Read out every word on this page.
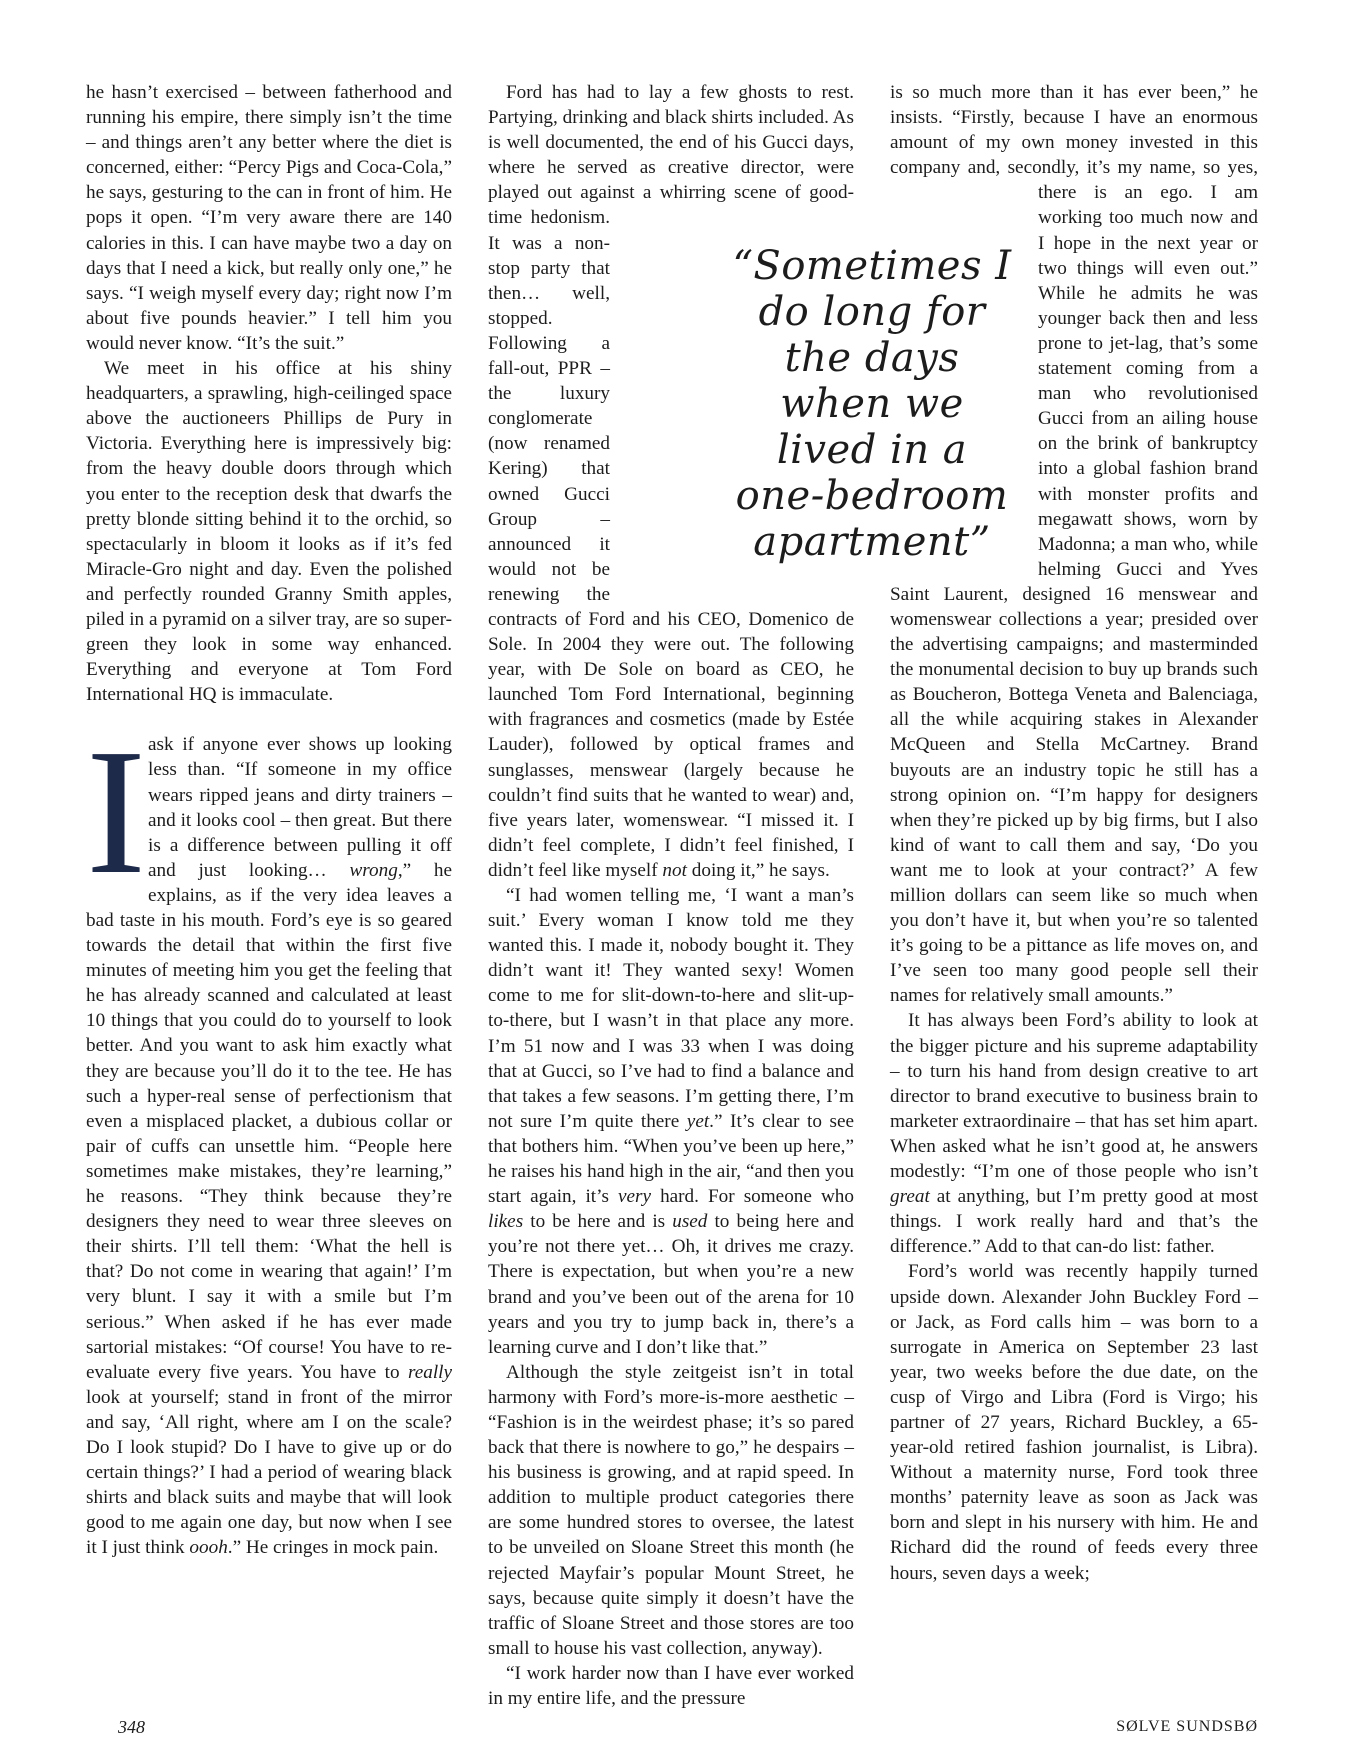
he hasn’t exercised – between fatherhood and running his empire, there simply isn’t the time – and things aren’t any better where the diet is concerned, either: “Percy Pigs and Coca-Cola,” he says, gesturing to the can in front of him. He pops it open. “I’m very aware there are 140 calories in this. I can have maybe two a day on days that I need a kick, but really only one,” he says. “I weigh myself every day; right now I’m about five pounds heavier.” I tell him you would never know. “It’s the suit.”

We meet in his office at his shiny headquarters, a sprawling, high-ceilinged space above the auctioneers Phillips de Pury in Victoria. Everything here is impressively big: from the heavy double doors through which you enter to the reception desk that dwarfs the pretty blonde sitting behind it to the orchid, so spectacularly in bloom it looks as if it’s fed Miracle-Gro night and day. Even the polished and perfectly rounded Granny Smith apples, piled in a pyramid on a silver tray, are so super-green they look in some way enhanced. Everything and everyone at Tom Ford International HQ is immaculate.

Iask if anyone ever shows up looking less than. “If someone in my office wears ripped jeans and dirty trainers – and it looks cool – then great. But there is a difference between pulling it off and just looking… wrong,” he explains, as if the very idea leaves a bad taste in his mouth. Ford’s eye is so geared towards the detail that within the first five minutes of meeting him you get the feeling that he has already scanned and calculated at least 10 things that you could do to yourself to look better. And you want to ask him exactly what they are because you’ll do it to the tee. He has such a hyper-real sense of perfectionism that even a misplaced placket, a dubious collar or pair of cuffs can unsettle him. “People here sometimes make mistakes, they’re learning,” he reasons. “They think because they’re designers they need to wear three sleeves on their shirts. I’ll tell them: ‘What the hell is that? Do not come in wearing that again!’ I’m very blunt. I say it with a smile but I’m serious.” When asked if he has ever made sartorial mistakes: “Of course! You have to re-evaluate every five years. You have to really look at yourself; stand in front of the mirror and say, ‘All right, where am I on the scale? Do I look stupid? Do I have to give up or do certain things?’ I had a period of wearing black shirts and black suits and maybe that will look good to me again one day, but now when I see it I just think oooh.” He cringes in mock pain.

Ford has had to lay a few ghosts to rest. Partying, drinking and black shirts included. As is well documented, the end of his Gucci days, where he served as creative director, were played out against a whirring scene of good-time hedonism. It was a non-stop party that then… well, stopped. Following a fall-out, PPR – the luxury conglomerate (now renamed Kering) that owned Gucci Group – announced it would not be renewing the contracts of Ford and his CEO, Domenico de Sole. In 2004 they were out. The following year, with De Sole on board as CEO, he launched Tom Ford International, beginning with fragrances and cosmetics (made by Estée Lauder), followed by optical frames and sunglasses, menswear (largely because he couldn’t find suits that he wanted to wear) and, five years later, womenswear. “I missed it. I didn’t feel complete, I didn’t feel finished, I didn’t feel like myself not doing it,” he says.

“I had women telling me, ‘I want a man’s suit.’ Every woman I know told me they wanted this. I made it, nobody bought it. They didn’t want it! They wanted sexy! Women come to me for slit-down-to-here and slit-up-to-there, but I wasn’t in that place any more. I’m 51 now and I was 33 when I was doing that at Gucci, so I’ve had to find a balance and that takes a few seasons. I’m getting there, I’m not sure I’m quite there yet.” It’s clear to see that bothers him. “When you’ve been up here,” he raises his hand high in the air, “and then you start again, it’s very hard. For someone who likes to be here and is used to being here and you’re not there yet… Oh, it drives me crazy. There is expectation, but when you’re a new brand and you’ve been out of the arena for 10 years and you try to jump back in, there’s a learning curve and I don’t like that.”

Although the style zeitgeist isn’t in total harmony with Ford’s more-is-more aesthetic – “Fashion is in the weirdest phase; it’s so pared back that there is nowhere to go,” he despairs – his business is growing, and at rapid speed. In addition to multiple product categories there are some hundred stores to oversee, the latest to be unveiled on Sloane Street this month (he rejected Mayfair’s popular Mount Street, he says, because quite simply it doesn’t have the traffic of Sloane Street and those stores are too small to house his vast collection, anyway).

“I work harder now than I have ever worked in my entire life, and the pressure

is so much more than it has ever been,” he insists. “Firstly, because I have an enormous amount of my own money invested in this company and, secondly, it’s my name, so yes, there is an ego. I am working too much now and I hope in the next year or two things will even out.” While he admits he was younger back then and less prone to jet-lag, that’s some statement coming from a man who revolutionised Gucci from an ailing house on the brink of bankruptcy into a global fashion brand with monster profits and megawatt shows, worn by Madonna; a man who, while helming Gucci and Yves Saint Laurent, designed 16 menswear and womenswear collections a year; presided over the advertising campaigns; and masterminded the monumental decision to buy up brands such as Boucheron, Bottega Veneta and Balenciaga, all the while acquiring stakes in Alexander McQueen and Stella McCartney. Brand buyouts are an industry topic he still has a strong opinion on. “I’m happy for designers when they’re picked up by big firms, but I also kind of want to call them and say, ‘Do you want me to look at your contract?’ A few million dollars can seem like so much when you don’t have it, but when you’re so talented it’s going to be a pittance as life moves on, and I’ve seen too many good people sell their names for relatively small amounts.”

It has always been Ford’s ability to look at the bigger picture and his supreme adaptability – to turn his hand from design creative to art director to brand executive to business brain to marketer extraordinaire – that has set him apart. When asked what he isn’t good at, he answers modestly: “I’m one of those people who isn’t great at anything, but I’m pretty good at most things. I work really hard and that’s the difference.” Add to that can-do list: father.

Ford’s world was recently happily turned upside down. Alexander John Buckley Ford – or Jack, as Ford calls him – was born to a surrogate in America on September 23 last year, two weeks before the due date, on the cusp of Virgo and Libra (Ford is Virgo; his partner of 27 years, Richard Buckley, a 65-year-old retired fashion journalist, is Libra). Without a maternity nurse, Ford took three months’ paternity leave as soon as Jack was born and slept in his nursery with him. He and Richard did the round of feeds every three hours, seven days a week;

“Sometimes I do long for the days when we lived in a one-bedroom apartment”
348	SØLVE SUNDSBØ
